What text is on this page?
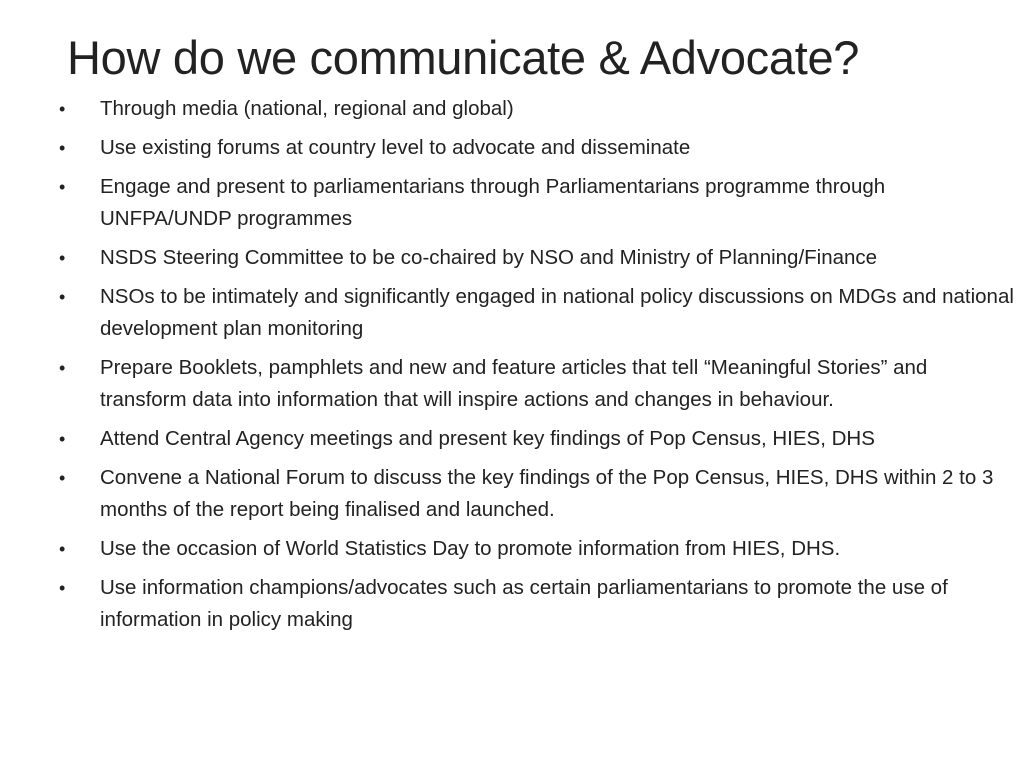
How do we communicate & Advocate?
•	Through media (national, regional and global)
•	Use existing forums at country level to advocate and disseminate
•	Engage and present to parliamentarians through Parliamentarians programme through UNFPA/UNDP programmes
•	NSDS Steering Committee to be co-chaired by NSO and Ministry of Planning/Finance
•	NSOs to be intimately and significantly engaged in national policy discussions on MDGs and national development plan monitoring
•	Prepare Booklets, pamphlets and new and feature articles that tell “Meaningful Stories” and transform data into information that will inspire actions and changes in behaviour.
•	Attend Central Agency meetings and present key findings of Pop Census, HIES, DHS
•	Convene a National Forum to discuss the key findings of the Pop Census, HIES, DHS within 2 to 3 months of the report being finalised and launched.
•	Use the occasion of World Statistics Day to promote information from HIES, DHS.
•	Use information champions/advocates such as certain parliamentarians to promote the use of information in policy making
